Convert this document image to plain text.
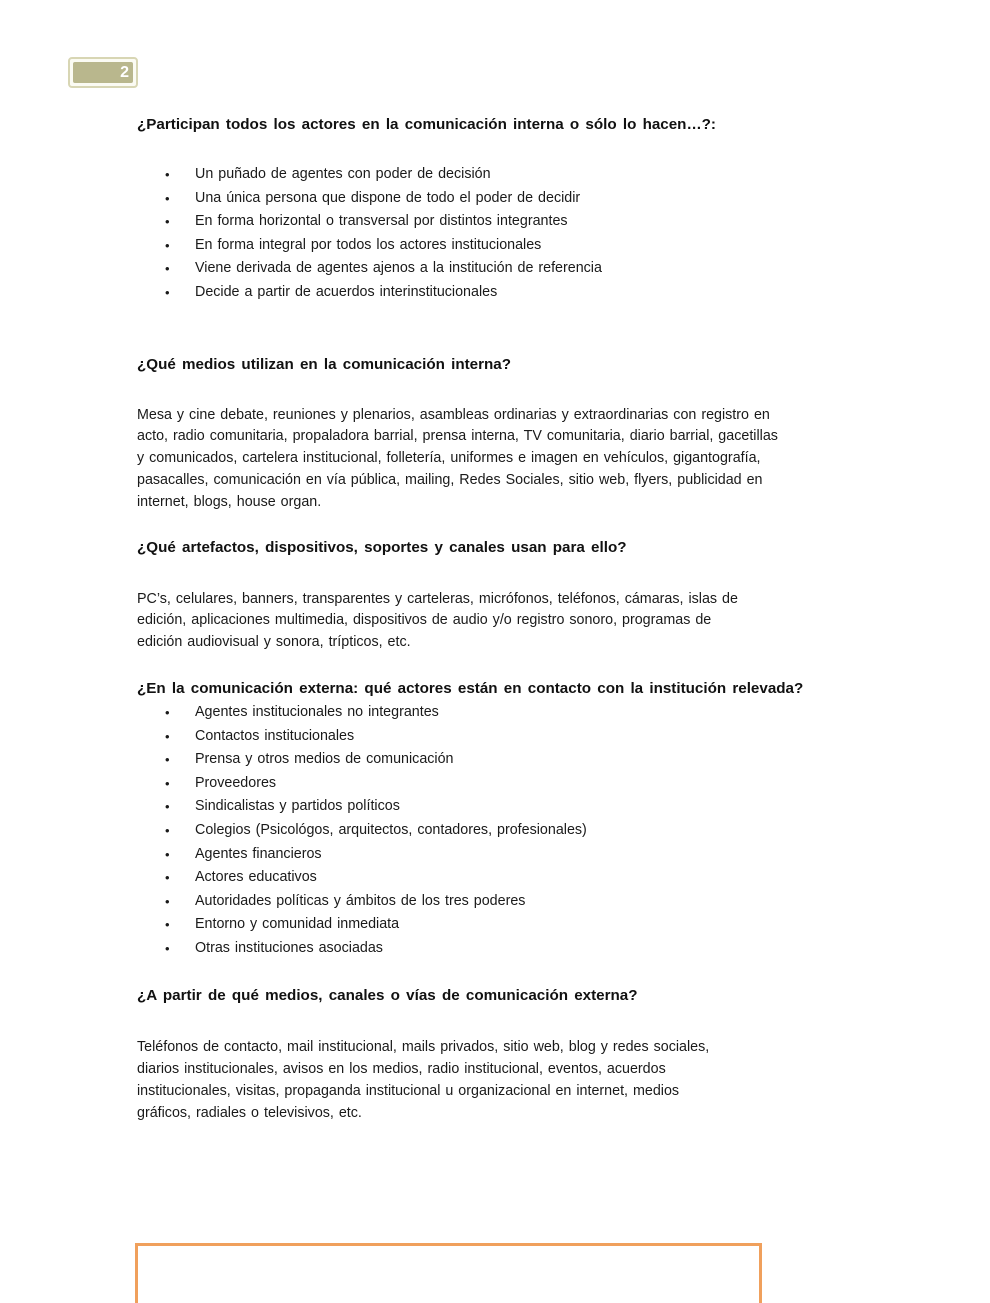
2
¿Participan todos los actores en la comunicación interna o sólo lo hacen…?:
• Un puñado de agentes con poder de decisión
• Una única persona que dispone de todo el poder de decidir
• En forma horizontal o transversal por distintos integrantes
• En forma integral por todos los actores institucionales
• Viene derivada de agentes ajenos a la institución de referencia
• Decide a partir de acuerdos interinstitucionales
¿Qué medios utilizan en la comunicación interna?

Mesa y cine debate, reuniones y plenarios, asambleas ordinarias y extraordinarias con registro en
acto, radio comunitaria, propaladora barrial, prensa interna, TV comunitaria, diario barrial, gacetillas
y comunicados, cartelera institucional, folletería, uniformes e imagen en vehículos, gigantografía,
pasacalles, comunicación en vía pública, mailing, Redes Sociales, sitio web, flyers, publicidad en
internet, blogs, house organ.

¿Qué artefactos, dispositivos, soportes y canales usan para ello?

PC’s, celulares, banners, transparentes y carteleras, micrófonos, teléfonos, cámaras, islas de
edición, aplicaciones multimedia, dispositivos de audio y/o registro sonoro, programas de
edición audiovisual y sonora, trípticos, etc.

¿En la comunicación externa: qué actores están en contacto con la institución relevada?
• Agentes institucionales no integrantes
• Contactos institucionales
• Prensa y otros medios de comunicación
• Proveedores
• Sindicalistas y partidos políticos
• Colegios (Psicológos, arquitectos, contadores, profesionales)
• Agentes financieros
• Actores educativos
• Autoridades políticas y ámbitos de los tres poderes
• Entorno y comunidad inmediata
• Otras instituciones asociadas
¿A partir de qué medios, canales o vías de comunicación externa?

Teléfonos de contacto, mail institucional, mails privados, sitio web, blog y redes sociales,
diarios institucionales, avisos en los medios, radio institucional, eventos, acuerdos
institucionales, visitas, propaganda institucional u organizacional en internet, medios
gráficos, radiales o televisivos, etc.
